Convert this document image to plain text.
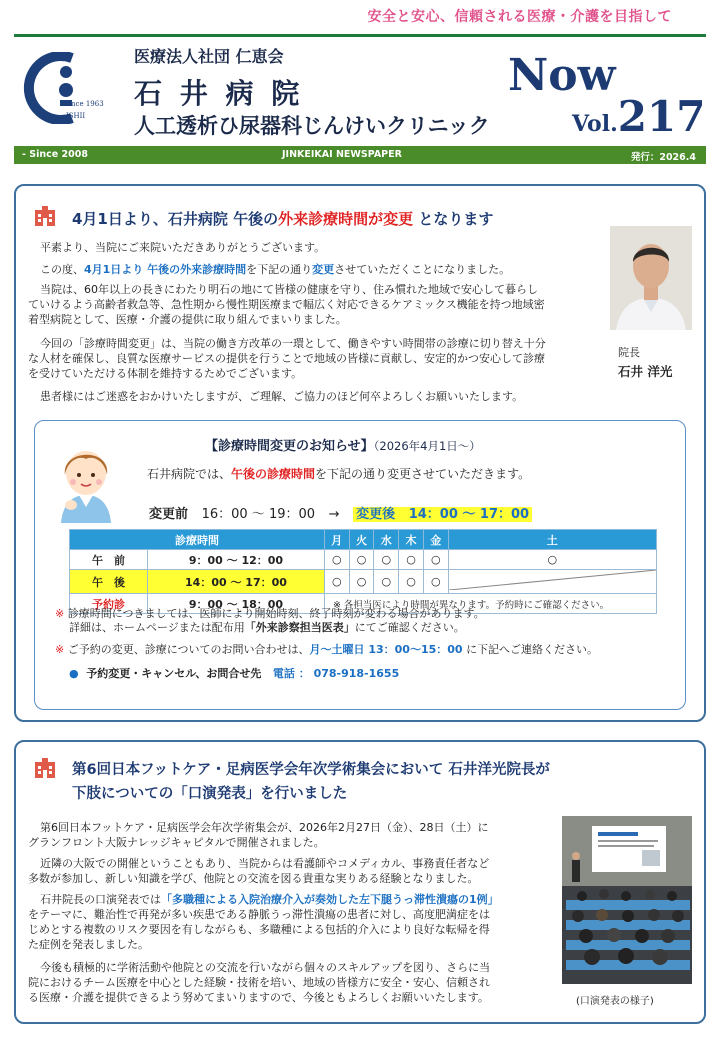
安全と安心、信頼される医療・介護を目指して
Since 1963
ISHII
医療法人社団 仁恵会
石 井 病 院
人工透析ひ尿器科じんけいクリニック
Now
Vol.217
- Since 2008	JINKEIKAI NEWSPAPER	発行：2026.4
4月1日より、石井病院 午後の外来診療時間が変更 となります
平素より、当院にご来院いただきありがとうございます。
この度、4月1日より 午後の外来診療時間を下記の通り変更させていただくことになりました。
当院は、60年以上の長きにわたり明石の地にて皆様の健康を守り、住み慣れた地域で安心して暮らし
ていけるよう高齢者救急等、急性期から慢性期医療まで幅広く対応できるケアミックス機能を持つ地域密
着型病院として、医療・介護の提供に取り組んでまいりました。
今回の「診療時間変更」は、当院の働き方改革の一環として、働きやすい時間帯の診療に切り替え十分
な人材を確保し、良質な医療サービスの提供を行うことで地域の皆様に貢献し、安定的かつ安心して診療
を受けていただける体制を維持するためでございます。
患者様にはご迷惑をおかけいたしますが、ご理解、ご協力のほど何卒よろしくお願いいたします。
院長
石井 洋光
【診療時間変更のお知らせ】（2026年4月1日～）
石井病院では、午後の診療時間を下記の通り変更させていただきます。
変更前 16：00 ～ 19：00 → 変更後 14：00 ～ 17：00
診療時間		月	火	水	木	金	土
午　前	9：00 ～ 12：00	○	○	○	○	○	○
午　後	14：00 ～ 17：00	○	○	○	○	○	
予約診	9：00 ～ 18：00	※ 各担当医により時間が異なります。予約時にご確認ください。					
※ 診療時間につきましては、医師により開始時刻、終了時刻が変わる場合があります。
詳細は、ホームページまたは配布用「外来診察担当医表」にてご確認ください。
※ ご予約の変更、診療についてのお問い合わせは、月～土曜日 13：00～15：00 に下記へご連絡ください。
● 予約変更・キャンセル、お問合せ先 電話 ： 078-918-1655
第6回日本フットケア・足病医学会年次学術集会において 石井洋光院長が
下肢についての「口演発表」を行いました
第6回日本フットケア・足病医学会年次学術集会が、2026年2月27日（金）、28日（土）に
グランフロント大阪ナレッジキャピタルで開催されました。
近隣の大阪での開催ということもあり、当院からは看護師やコメディカル、事務責任者など
多数が参加し、新しい知識を学び、他院との交流を図る貴重な実りある経験となりました。
石井院長の口演発表では「多職種による入院治療介入が奏効した左下腿うっ滞性潰瘍の1例」
をテーマに、難治性で再発が多い疾患である静脈うっ滞性潰瘍の患者に対し、高度肥満症をは
じめとする複数のリスク要因を有しながらも、多職種による包括的介入により良好な転帰を得
た症例を発表しました。
今後も積極的に学術活動や他院との交流を行いながら個々のスキルアップを図り、さらに当
院におけるチーム医療を中心とした経験・技術を培い、地域の皆様方に安全・安心、信頼され
る医療・介護を提供できるよう努めてまいりますので、今後ともよろしくお願いいたします。	(口演発表の様子)
